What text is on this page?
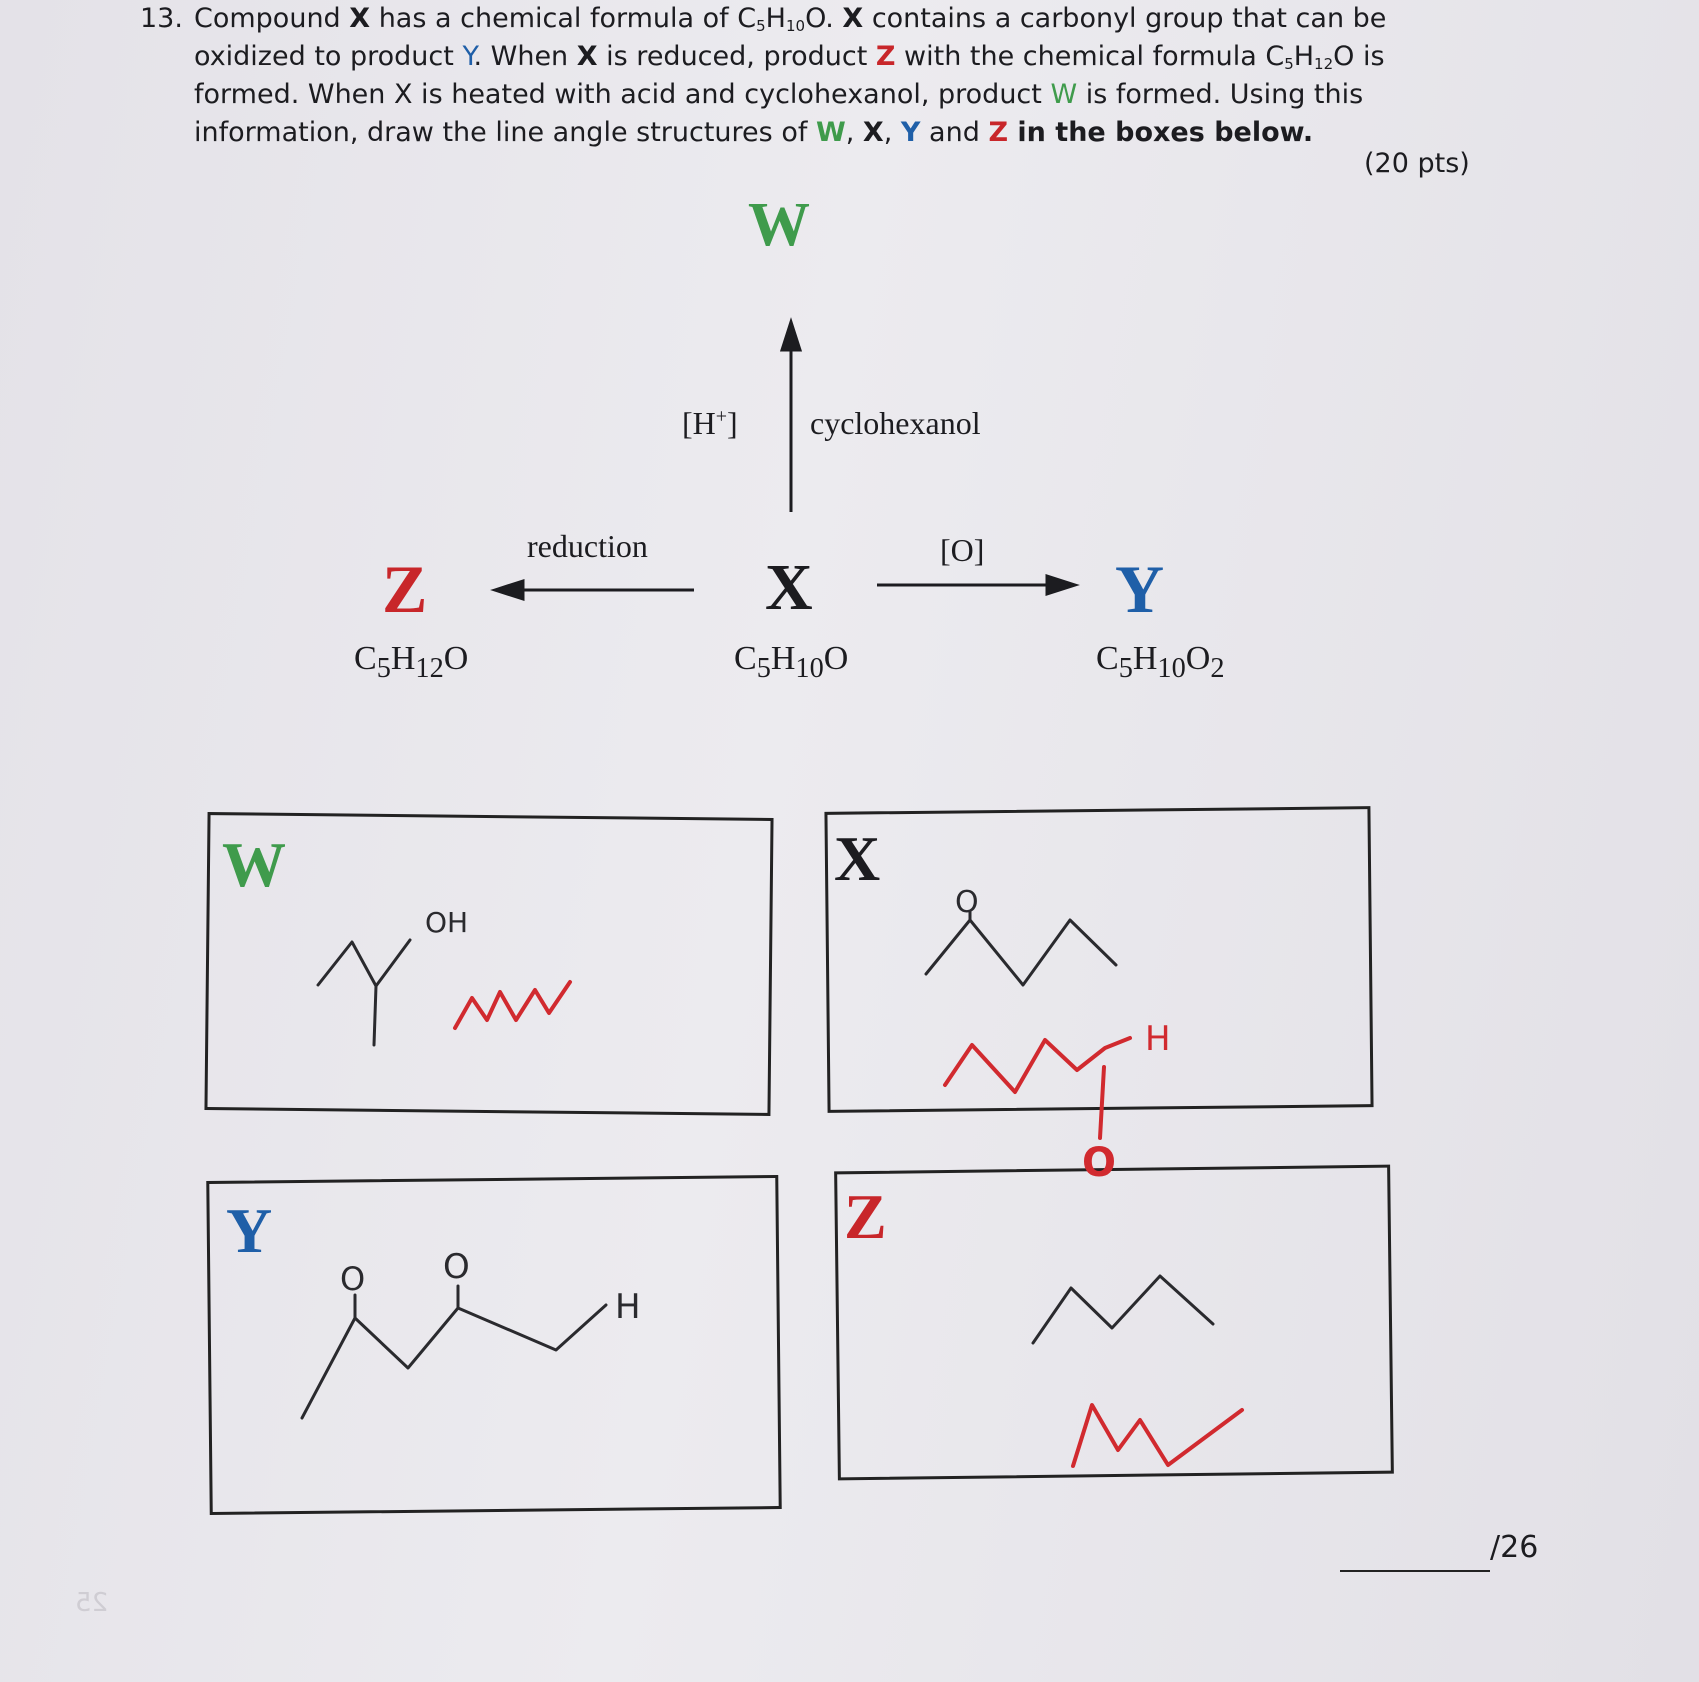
13. Compound X has a chemical formula of $C_5H_{10}O$. X contains a carbonyl group that can be oxidized to product Y. When X is reduced, product Z with the chemical formula $C_5H_{12}O$ is formed. When X is heated with acid and cyclohexanol, product W is formed. Using this information, draw the line angle structures of W, X, Y and Z in the boxes below.
(20 pts)
W
[H+] cyclohexanol
reduction	[O]
Z	X	Y
$C_5H_{12}O$	$C_5H_{10}O$	$C_5H_{10}O_2$
W	X
Y	Z
OH
O
H
O
O O
H
/26
25
